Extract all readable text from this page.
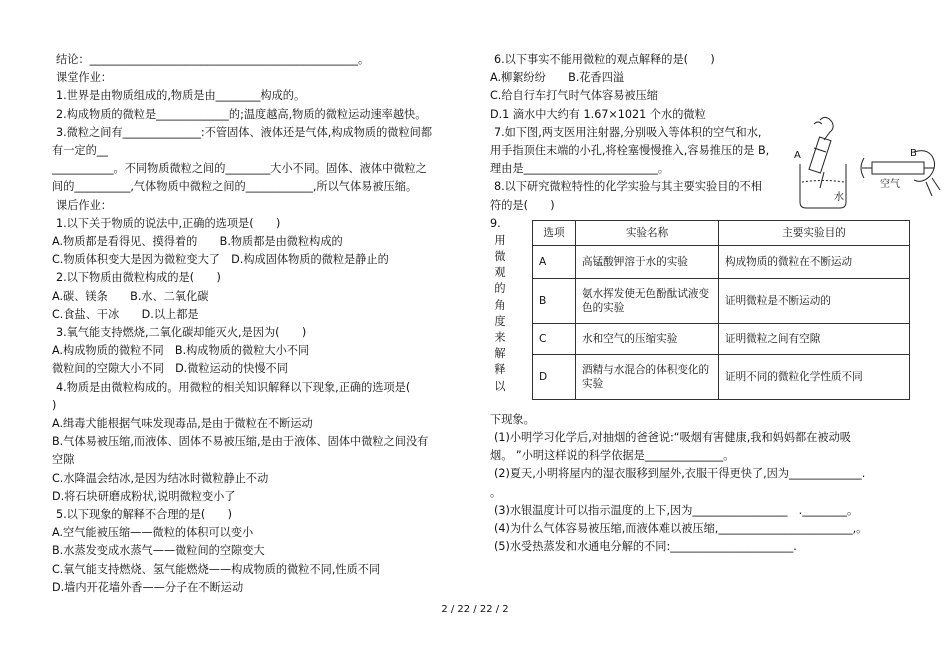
结论：________________________________________________。
课堂作业：
1.世界是由物质组成的,物质是由________构成的。
2.构成物质的微粒是_____________的;温度越高,物质的微粒运动速率越快。
3.微粒之间有______________:不管固体、液体还是气体,构成物质的微粒间都
有一定的__
___________。不同物质微粒之间的________大小不同。固体、液体中微粒之
间的__________,气体物质中微粒之间的____________,所以气体易被压缩。
课后作业：
1.以下关于物质的说法中,正确的选项是(　　)
A.物质都是看得见、摸得着的　　B.物质都是由微粒构成的
C.物质体积变大是因为微粒变大了　D.构成固体物质的微粒是静止的
2.以下物质由微粒构成的是(　　)
A.碳、镁条　　B.水、二氧化碳
C.食盐、干冰　　D.以上都是
3.氧气能支持燃烧,二氧化碳却能灭火,是因为(　　)
A.构成物质的微粒不同　B.构成物质的微粒大小不同
微粒间的空隙大小不同　D.微粒运动的快慢不同
4.物质是由微粒构成的。用微粒的相关知识解释以下现象,正确的选项是(
)
A.缉毒犬能根据气味发现毒品,是由于微粒在不断运动
B.气体易被压缩,而液体、固体不易被压缩,是由于液体、固体中微粒之间没有
空隙
C.水降温会结冰,是因为结冰时微粒静止不动
D.将石块研磨成粉状,说明微粒变小了
5.以下现象的解释不合理的是(　　)
A.空气能被压缩——微粒的体积可以变小
B.水蒸发变成水蒸气——微粒间的空隙变大
C.氧气能支持燃烧、氢气能燃烧——构成物质的微粒不同,性质不同
D.墙内开花墙外香——分子在不断运动
6.以下事实不能用微粒的观点解释的是(　　)
A.柳絮纷纷　　B.花香四溢
C.给自行车打气时气体容易被压缩
D.1 滴水中大约有 1.67×1021 个水的微粒
7.如下图,两支医用注射器,分别吸入等体积的空气和水,
用手指顶住末端的小孔,将栓塞慢慢推入,容易推压的是 B,
理由是________________________。
8.以下研究微粒特性的化学实验与其主要实验目的不相
符的是(　　)
9.
用
微
观
的
角
度
来
解
释
以
选项	实验名称	主要实验目的
A	高锰酸钾溶于水的实验	构成物质的微粒在不断运动
B	氨水挥发使无色酚酞试液变色的实验	证明微粒是不断运动的
C	水和空气的压缩实验	证明微粒之间有空隙
D	酒精与水混合的体积变化的实验	证明不同的微粒化学性质不同
下现象。
(1)小明学习化学后,对抽烟的爸爸说:“吸烟有害健康,我和妈妈都在被动吸
烟。 ”小明这样说的科学依据是______________。
(2)夏天,小明将屋内的湿衣服移到屋外,衣服干得更快了,因为_____________.
。
(3)水银温度计可以指示温度的上下,因为_________________　.________。
(4)为什么气体容易被压缩,而液体难以被压缩,________________________,。
(5)水受热蒸发和水通电分解的不同:______________________.
A
水
B
空气
2 / 22 / 22 / 2
